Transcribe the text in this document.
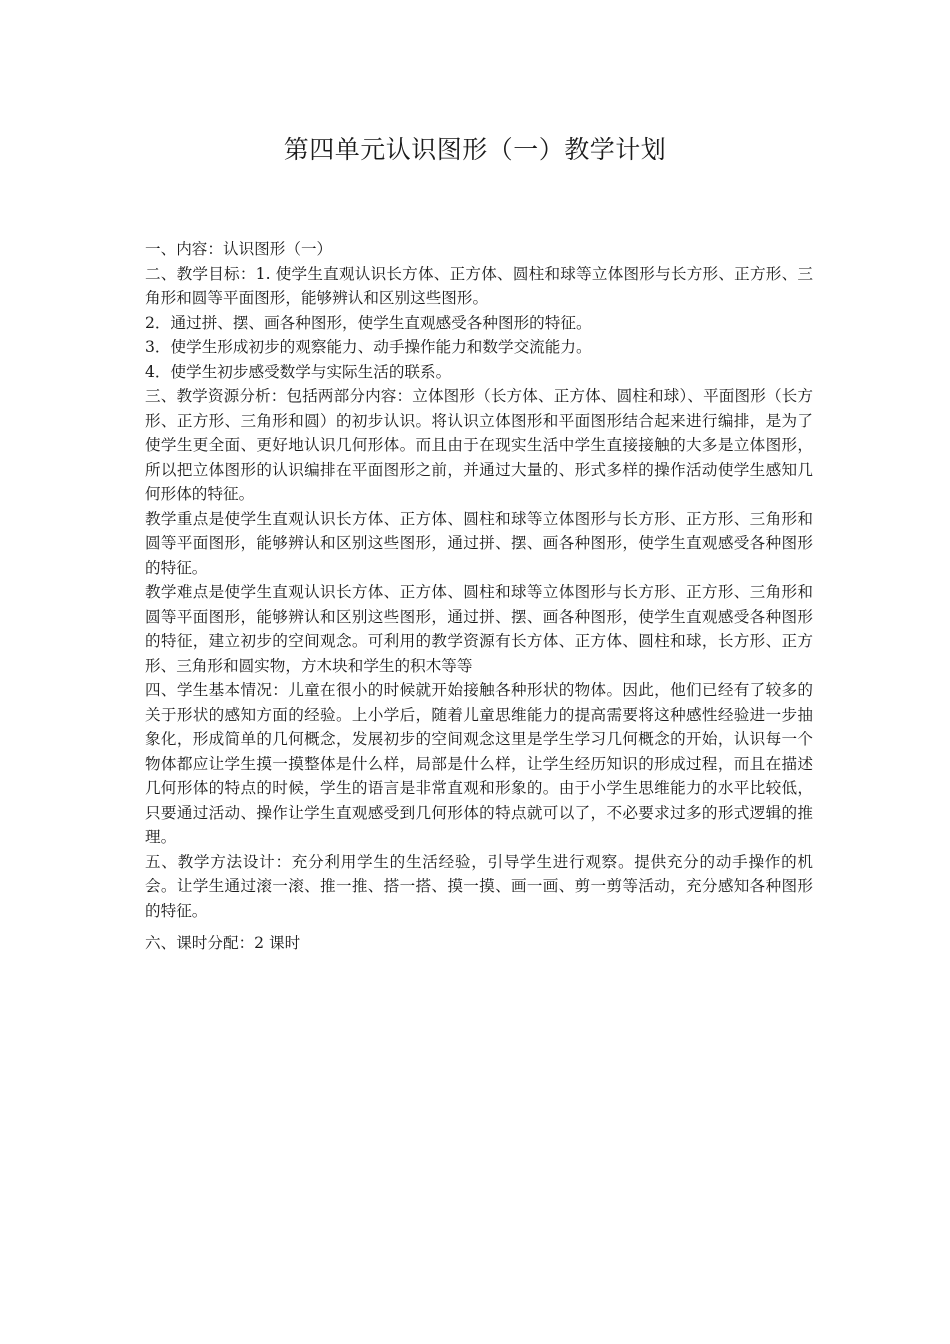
第四单元认识图形（一）教学计划

一、内容：认识图形（一）

二、教学目标：1. 使学生直观认识长方体、正方体、圆柱和球等立体图形与长方形、正方形、三角形和圆等平面图形，能够辨认和区别这些图形。

2．通过拼、摆、画各种图形，使学生直观感受各种图形的特征。

3．使学生形成初步的观察能力、动手操作能力和数学交流能力。

4．使学生初步感受数学与实际生活的联系。

三、教学资源分析：包括两部分内容：立体图形（长方体、正方体、圆柱和球）、平面图形（长方形、正方形、三角形和圆）的初步认识。将认识立体图形和平面图形结合起来进行编排，是为了使学生更全面、更好地认识几何形体。而且由于在现实生活中学生直接接触的大多是立体图形，所以把立体图形的认识编排在平面图形之前，并通过大量的、形式多样的操作活动使学生感知几何形体的特征。

教学重点是使学生直观认识长方体、正方体、圆柱和球等立体图形与长方形、正方形、三角形和圆等平面图形，能够辨认和区别这些图形，通过拼、摆、画各种图形，使学生直观感受各种图形的特征。

教学难点是使学生直观认识长方体、正方体、圆柱和球等立体图形与长方形、正方形、三角形和圆等平面图形，能够辨认和区别这些图形，通过拼、摆、画各种图形，使学生直观感受各种图形的特征，建立初步的空间观念。可利用的教学资源有长方体、正方体、圆柱和球，长方形、正方形、三角形和圆实物，方木块和学生的积木等等

四、学生基本情况：儿童在很小的时候就开始接触各种形状的物体。因此，他们已经有了较多的关于形状的感知方面的经验。上小学后，随着儿童思维能力的提高需要将这种感性经验进一步抽象化，形成简单的几何概念，发展初步的空间观念这里是学生学习几何概念的开始，认识每一个物体都应让学生摸一摸整体是什么样，局部是什么样，让学生经历知识的形成过程，而且在描述几何形体的特点的时候，学生的语言是非常直观和形象的。由于小学生思维能力的水平比较低，只要通过活动、操作让学生直观感受到几何形体的特点就可以了，不必要求过多的形式逻辑的推理。

五、教学方法设计：充分利用学生的生活经验，引导学生进行观察。提供充分的动手操作的机会。让学生通过滚一滚、推一推、搭一搭、摸一摸、画一画、剪一剪等活动，充分感知各种图形的特征。

六、课时分配：2 课时
